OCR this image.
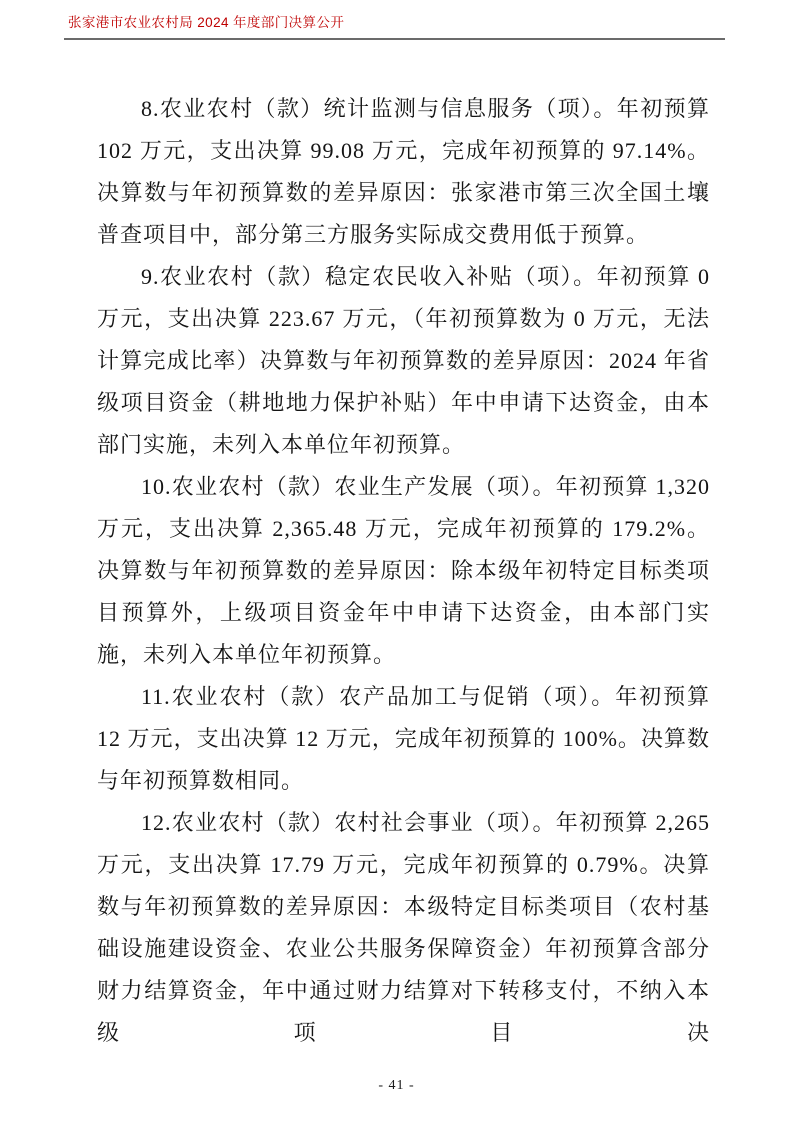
张家港市农业农村局 2024 年度部门决算公开

8.农业农村（款）统计监测与信息服务（项）。年初预算 102 万元，支出决算 99.08 万元，完成年初预算的 97.14%。决算数与年初预算数的差异原因：张家港市第三次全国土壤普查项目中，部分第三方服务实际成交费用低于预算。

9.农业农村（款）稳定农民收入补贴（项）。年初预算 0 万元，支出决算 223.67 万元，（年初预算数为 0 万元，无法计算完成比率）决算数与年初预算数的差异原因：2024 年省级项目资金（耕地地力保护补贴）年中申请下达资金，由本部门实施，未列入本单位年初预算。

10.农业农村（款）农业生产发展（项）。年初预算 1,320 万元，支出决算 2,365.48 万元，完成年初预算的 179.2%。决算数与年初预算数的差异原因：除本级年初特定目标类项目预算外，上级项目资金年中申请下达资金，由本部门实施，未列入本单位年初预算。

11.农业农村（款）农产品加工与促销（项）。年初预算 12 万元，支出决算 12 万元，完成年初预算的 100%。决算数与年初预算数相同。

12.农业农村（款）农村社会事业（项）。年初预算 2,265 万元，支出决算 17.79 万元，完成年初预算的 0.79%。决算数与年初预算数的差异原因：本级特定目标类项目（农村基础设施建设资金、农业公共服务保障资金）年初预算含部分财力结算资金，年中通过财力结算对下转移支付，不纳入本级项目决

- 41 -
